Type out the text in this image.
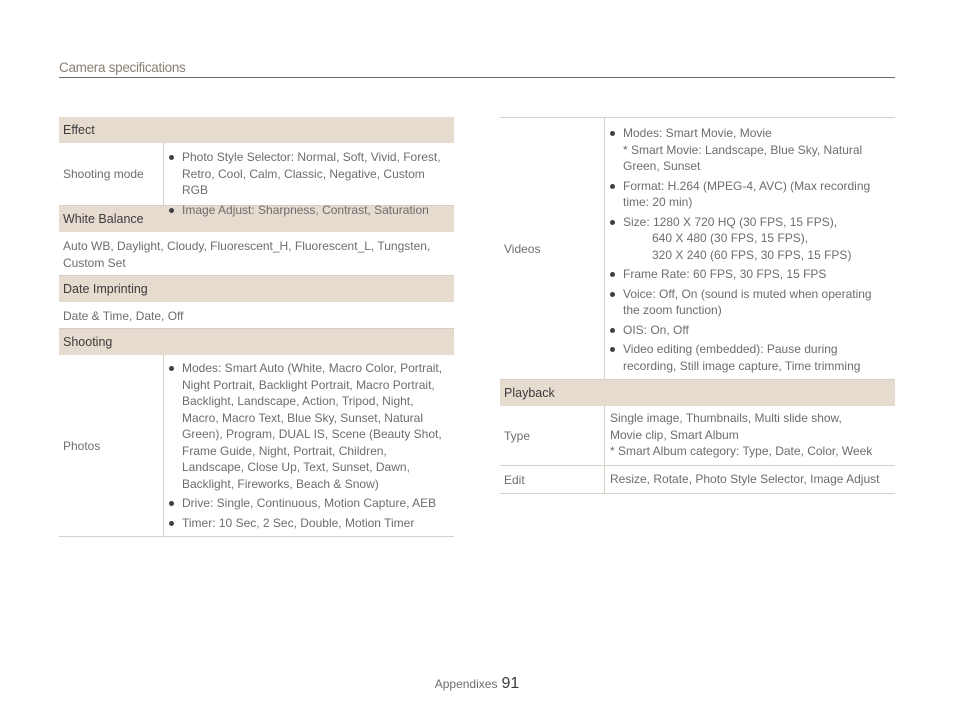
Camera specifications
Effect
Shooting mode
Photo Style Selector: Normal, Soft, Vivid, Forest, Retro, Cool, Calm, Classic, Negative, Custom RGB
Image Adjust: Sharpness, Contrast, Saturation
White Balance
Auto WB, Daylight, Cloudy, Fluorescent_H, Fluorescent_L, Tungsten, Custom Set
Date Imprinting
Date & Time, Date, Off
Shooting
Photos
Modes: Smart Auto (White, Macro Color, Portrait, Night Portrait, Backlight Portrait, Macro Portrait, Backlight, Landscape, Action, Tripod, Night, Macro, Macro Text, Blue Sky, Sunset, Natural Green), Program, DUAL IS, Scene (Beauty Shot, Frame Guide, Night, Portrait, Children, Landscape, Close Up, Text, Sunset, Dawn, Backlight, Fireworks, Beach & Snow)
Drive: Single, Continuous, Motion Capture, AEB
Timer: 10 Sec, 2 Sec, Double, Motion Timer
Videos
Modes: Smart Movie, Movie
* Smart Movie: Landscape, Blue Sky, Natural Green, Sunset
Format: H.264 (MPEG-4, AVC) (Max recording time: 20 min)
Size: 1280 X 720 HQ (30 FPS, 15 FPS),
640 X 480 (30 FPS, 15 FPS),
320 X 240 (60 FPS, 30 FPS, 15 FPS)
Frame Rate: 60 FPS, 30 FPS, 15 FPS
Voice: Off, On (sound is muted when operating the zoom function)
OIS: On, Off
Video editing (embedded): Pause during recording, Still image capture, Time trimming
Playback
Type
Single image, Thumbnails, Multi slide show,
Movie clip, Smart Album
* Smart Album category: Type, Date, Color, Week
Edit	Resize, Rotate, Photo Style Selector, Image Adjust
Appendixes 91
